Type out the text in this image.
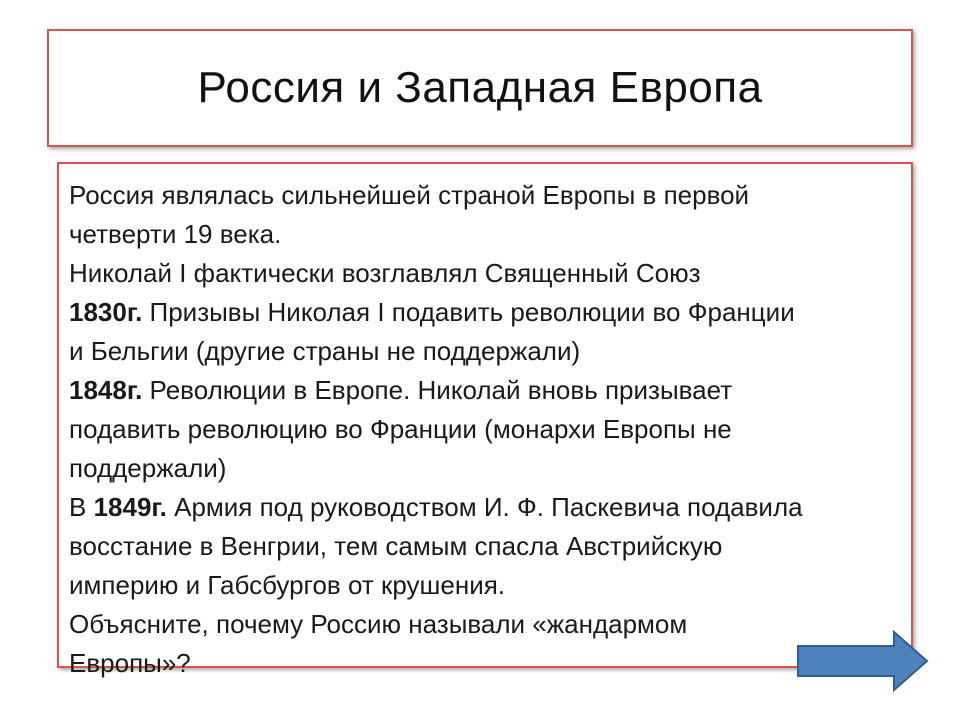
Россия и Западная Европа
Россия являлась сильнейшей страной Европы в первой
четверти 19 века.
Николай I фактически возглавлял Священный Союз
1830г. Призывы Николая I подавить революции во Франции
и Бельгии (другие страны не поддержали)
1848г. Революции в Европе. Николай вновь призывает
подавить революцию во Франции (монархи Европы не
поддержали)
В 1849г. Армия под руководством И. Ф. Паскевича подавила
восстание в Венгрии, тем самым спасла Австрийскую
империю и Габсбургов от крушения.
Объясните, почему Россию называли «жандармом
Европы»?
